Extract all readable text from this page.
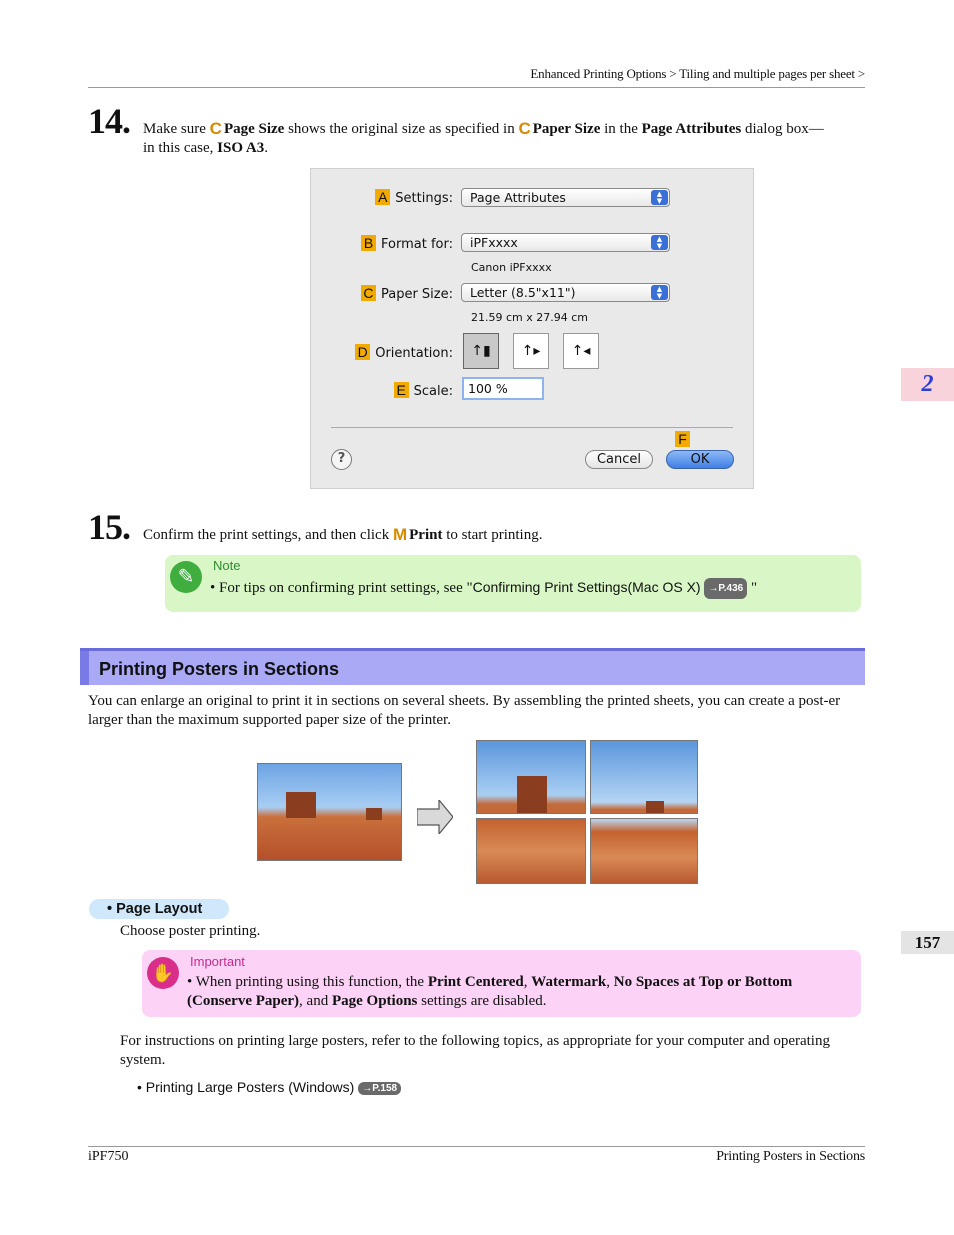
Enhanced Printing Options > Tiling and multiple pages per sheet >
14. Make sure C Page Size shows the original size as specified in C Paper Size in the Page Attributes dialog box—
in this case, ISO A3.
A Settings:	Page Attributes	▲
▼
B Format for:	iPFxxxx	▲
▼
Canon iPFxxxx
C Paper Size:	Letter (8.5"x11")	▲
▼
21.59 cm x 27.94 cm
D Orientation:	↑▮	↑▸	↑◂
E Scale:	100 %
?	Cancel
F
OK
15. Confirm the print settings, and then click M Print to start printing.
✎
Note
• For tips on confirming print settings, see "Confirming Print Settings(Mac OS X) →P.436 "
Printing Posters in Sections
You can enlarge an original to print it in sections on several sheets. By assembling the printed sheets, you can create a post-er larger than the maximum supported paper size of the printer.
• Page Layout
Choose poster printing.
✋
Important
• When printing using this function, the Print Centered, Watermark, No Spaces at Top or Bottom (Conserve Paper), and Page Options settings are disabled.
For instructions on printing large posters, refer to the following topics, as appropriate for your computer and operating system.
• Printing Large Posters (Windows) →P.158
2
157
iPF750	Printing Posters in Sections
